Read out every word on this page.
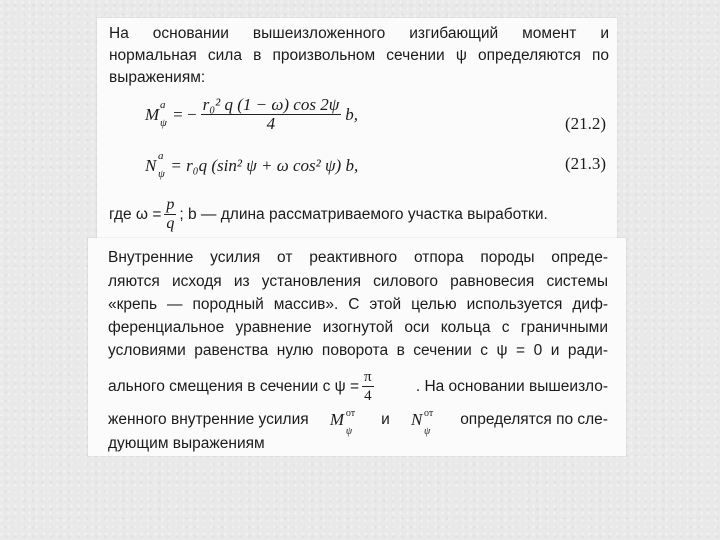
На основании вышеизложенного изгибающий момент и
нормальная сила в произвольном сечении ψ определяются по
выражениям:
M a
ψ = − $\frac{\text{r₀² q (1 − ω) cos 2ψ}}{4} b$,	(21.2)
N a
ψ = r₀q (sin² ψ + ω cos² ψ) b,	(21.3)
где $\omega = \frac{p}{q}$ ; b — длина рассматриваемого участка выработки.
Внутренние усилия от реактивного отпора породы опреде-
ляются исходя из установления силового равновесия системы
«крепь — породный массив». С этой целью используется диф-
ференциальное уравнение изогнутой оси кольца с граничными
условиями равенства нулю поворота в сечении с ψ = 0 и ради-
ального смещения в сечении с $\psi = \frac{\pi}{4}$	. На основании вышеизло-
женного внутренние усилия M от
ψ
и N от
ψ
определятся по сле-
дующим выражениям
